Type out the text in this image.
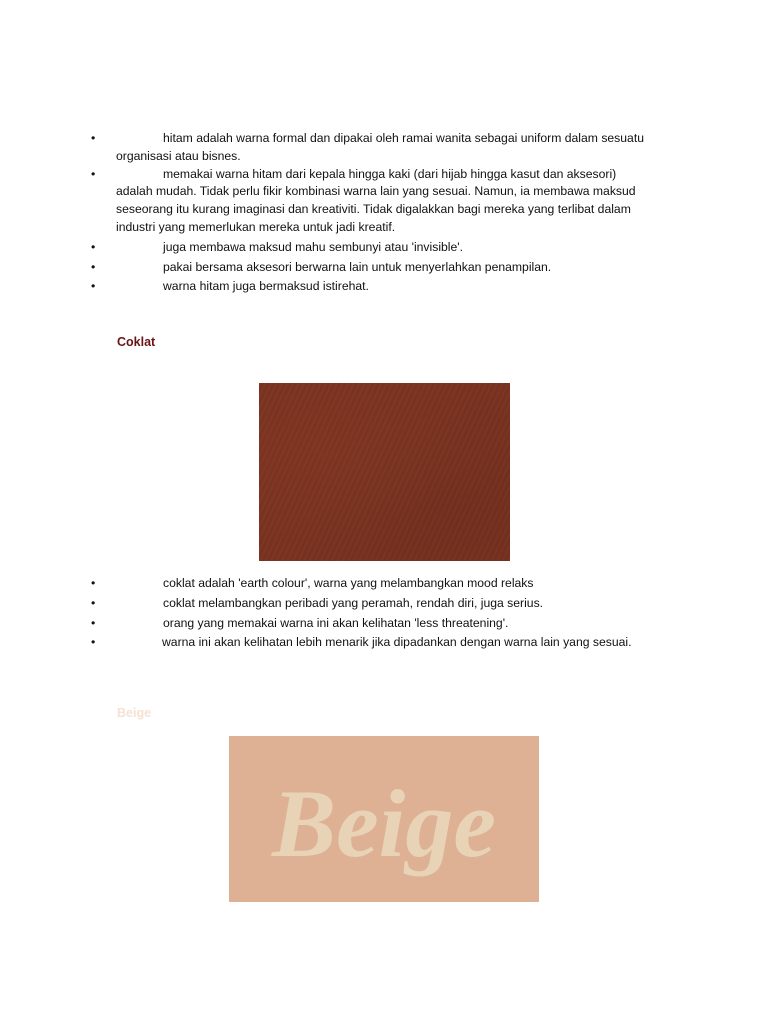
•	hitam adalah warna formal dan dipakai oleh ramai wanita sebagai uniform dalam sesuatu organisasi atau bisnes.
•	memakai warna hitam dari kepala hingga kaki (dari hijab hingga kasut dan aksesori) adalah mudah. Tidak perlu fikir kombinasi warna lain yang sesuai. Namun, ia membawa maksud seseorang itu kurang imaginasi dan kreativiti. Tidak digalakkan bagi mereka yang terlibat dalam industri yang memerlukan mereka untuk jadi kreatif.
•	juga membawa maksud mahu sembunyi atau 'invisible'.
•	pakai bersama aksesori berwarna lain untuk menyerlahkan penampilan.
•	warna hitam juga bermaksud istirehat.
Coklat
•	coklat adalah 'earth colour', warna yang melambangkan mood relaks
•	coklat melambangkan peribadi yang peramah, rendah diri, juga serius.
•	orang yang memakai warna ini akan kelihatan 'less threatening'.
•	warna ini akan kelihatan lebih menarik jika dipadankan dengan warna lain yang sesuai.
Beige
Beige
